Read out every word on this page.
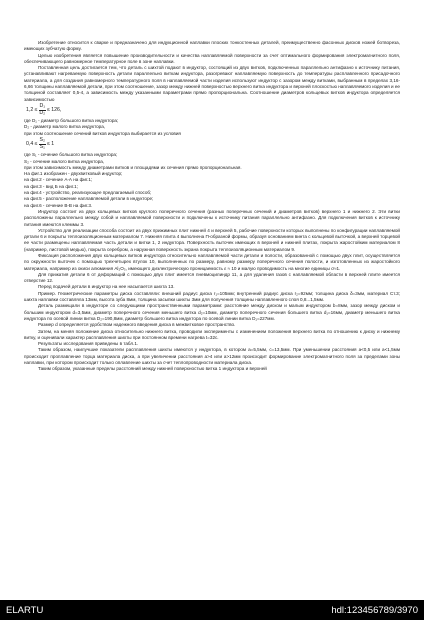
Изобретение относится к сварке и предназначено для индукционной наплавки плоских тонкостенных деталей, преимущественно фасонных дисков ножей ботвореза, имеющих зубчатую форму.

Целью изобретения является повышение производительности и качества наплавляемой поверхности за счет оптимального формирования электромагнитного поля, обеспечивающего равномерное температурное поле в зоне наплавки.

Поставленная цель достигается тем, что деталь с шихтой подают в индуктор, состоящий из двух витков, подключенных параллельно антифазно к источнику питания, устанавливают нагреваемую поверхность детали параллельно виткам индуктора, разогревают наплавляемую поверхность до температуры расплавленного присадочного материала, а для создания равномерного температурного поля в наплавляемой части изделия используют индуктор с зазором между витками, выбранным в пределах 3,16-6,66 толщины наплавляемой детали, при этом соотношение, зазор между нижней поверхностью верхнего витка индуктора и верхней плоскостью наплавляемого изделия и ее толщиной составляет 0,5-4, а зависимость между указанными параметрами прямо пропорциональна. Соотношение диаметров кольцевых витков индуктора определяется зависимостью

$1,2 \le \frac{\text{D₁}}{\text{D₂}} \le 126$,

где D₁ - диаметр большого витка индуктора;

D₂ - диаметр малого витка индуктора,

при этом соотношение сечений витков индуктора выбирается из условия

$0,4 \le \frac{\text{S₂}}{\text{S₁}} \le 1$

где S₁ - сечение большого витка индуктора;

S₂ - сечение малого витка индуктора,

при этом зависимость между диаметрами витков и площадями их сечения прямо пропорциональная.

На фиг.1 изображен - двухвитковый индуктор;

на фиг.2 - сечение А-А на фиг.1;

на фиг.3 - вид Б на фиг.1;

на фиг.4 - устройство, реализующее предлагаемый способ;

на фиг.5 - расположение наплавляемой детали в индукторе;

на фиг.6 - сечение В-В на фиг.3.

Индуктор состоит из двух кольцевых витков круглого поперечного сечения (разных поперечных сечений и диаметров витков) верхнего 1 и нижнего 2. Эти витки расположены параллельно между собой и наплавляемой поверхности и подключены к источнику питания параллельно антифазно. Для подключения витков к источнику питания имеются клеммы 3.

Устройство для реализации способа состоит из двух прижимных плит нижней 4 и верхней 5, рабочие поверхности которых выполнены по конфигурации наплавляемой детали 6 и покрыты теплоизоляционным материалом 7. Нижняя плита 4 выполнена П-образной формы, образуя основанием винта с кольцевой выточкой, а верхней торцевой ее части размещены наплавляемая часть детали и витки 1, 2 индуктора. Поверхность выточек имеющих в верхней и нижней плитах, покрыта жаростойким материалом 8 (например, листовой медью), покрыта серебром, а наружная поверхность экрана покрыта теплоизоляционным материалом 9.

Фиксация расположения двух кольцевых витков индуктора относительно наплавляемой части детали и полости, образованной с помощью двух плит, осуществляется по окружности выточек с помощью трехчетырех втулок 10, выполненных по размеру, равному размеру поперечного сечения полости, и изготовленных из жаростойкого материала, например из окиси алюминия Al₂O₃, имеющего диэлектрическую проницаемость ε ≈ 10 и малую проводимость на многие единицы σ≈1.

Для прижатия детали 6 от деформаций с помощью двух плит имеется пневмоцилиндр 11, а для удаления газов с наплавляемой области в верхней плите имеется отверстие 12.

Перед подачей детали в индуктор на нее насыпается шихта 13.

Пример. Геометрические параметры диска составляли: внешний радиус диска r₁=105мм; внутренний радиус диска r₂=92мм; толщина диска δ=3мм, материал Ст.3; шихта наплавки составляла 13мм, высота зуба 8мм, толщина засыпки шихты 3мм для получения толщины наплавленного слоя 0,8...1,5мм.

Деталь размещали в индукторе со следующими пространственными параметрами: расстояние между диском и малым индуктором b=8мм, зазор между диском и большим индуктором d=3,5мм, диаметр поперечного сечения меньшего витка d₂=10мм, диаметр поперечного сечения большего витка d₁=16мм, диаметр меньшего витка индуктора по осевой линии витка D₂=190,8мм, диаметр большего витка индуктора по осевой линии витка D₁=227мм.

Размер d определяется удобством надежного введения диска в межвитковое пространство.

Затем, на меняя положение диска относительно нижнего витка, проводили эксперименты с изменением положения верхнего витка по отношению к диску и нижнему витку, и оценивали характер расплавления шихты при постоянном времени нагрева t=32с.

Результаты исследования приведены в табл.1.

Таким образом, наилучшие показатели расплавления шихты имеются у индуктора, в котором а=5,5мм, с=13,5мм. При уменьшении расстояния a<0,5 или a<1,5мм происходит проплавление торца материала диска, а при увеличении расстояния a>4 или a>12мм происходит формирование электромагнитного поля за пределами зоны наплавки, при котором происходит только оплавление шихты за счет теплопроводности материала диска.

Таким образом, указанные пределы расстояний между нижней поверхностью витка 1 индуктора и верхней

ELARTU	hdl:123456789/3970
